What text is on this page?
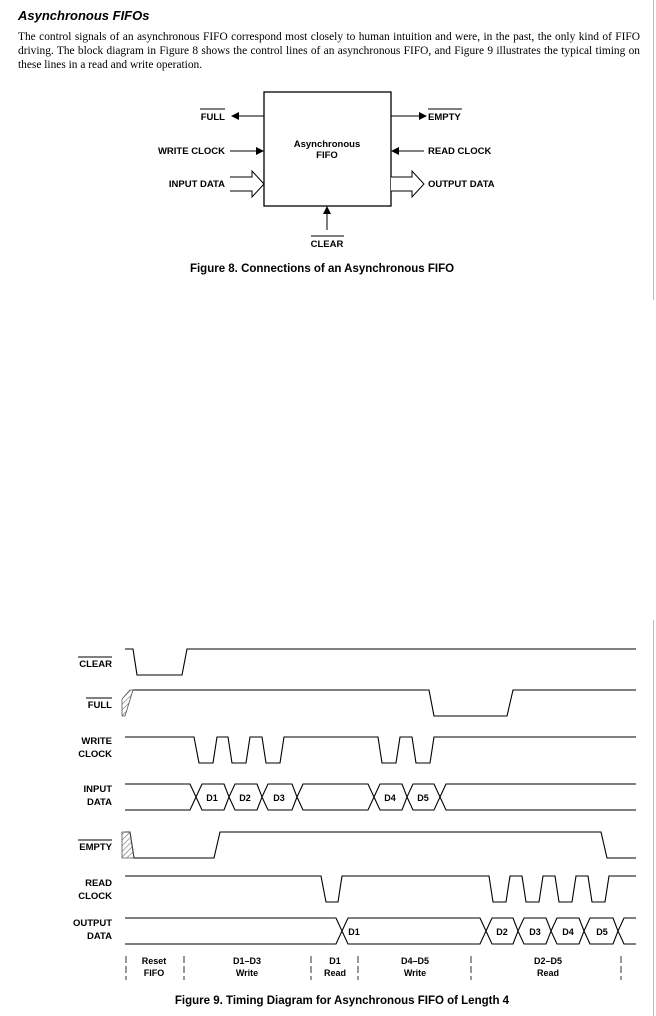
Asynchronous FIFOs

The control signals of an asynchronous FIFO correspond most closely to human intuition and were, in the past, the only kind of FIFO driving. The block diagram in Figure 8 shows the control lines of an asynchronous FIFO, and Figure 9 illustrates the typical timing on these lines in a read and write operation.

Asynchronous
FIFO
FULL
WRITE CLOCK
INPUT DATA
EMPTY
READ CLOCK
OUTPUT DATA
CLEAR
Figure 8. Connections of an Asynchronous FIFO
CLEAR
FULL
WRITE
CLOCK
INPUT
DATA
EMPTY
READ
CLOCK
OUTPUT
DATA
D1 D2 D3	D4 D5
D1	D2 D3 D4 D5
Reset
FIFO
D1–D3
Write
D1
Read
D4–D5
Write
D2–D5
Read
Figure 9. Timing Diagram for Asynchronous FIFO of Length 4
